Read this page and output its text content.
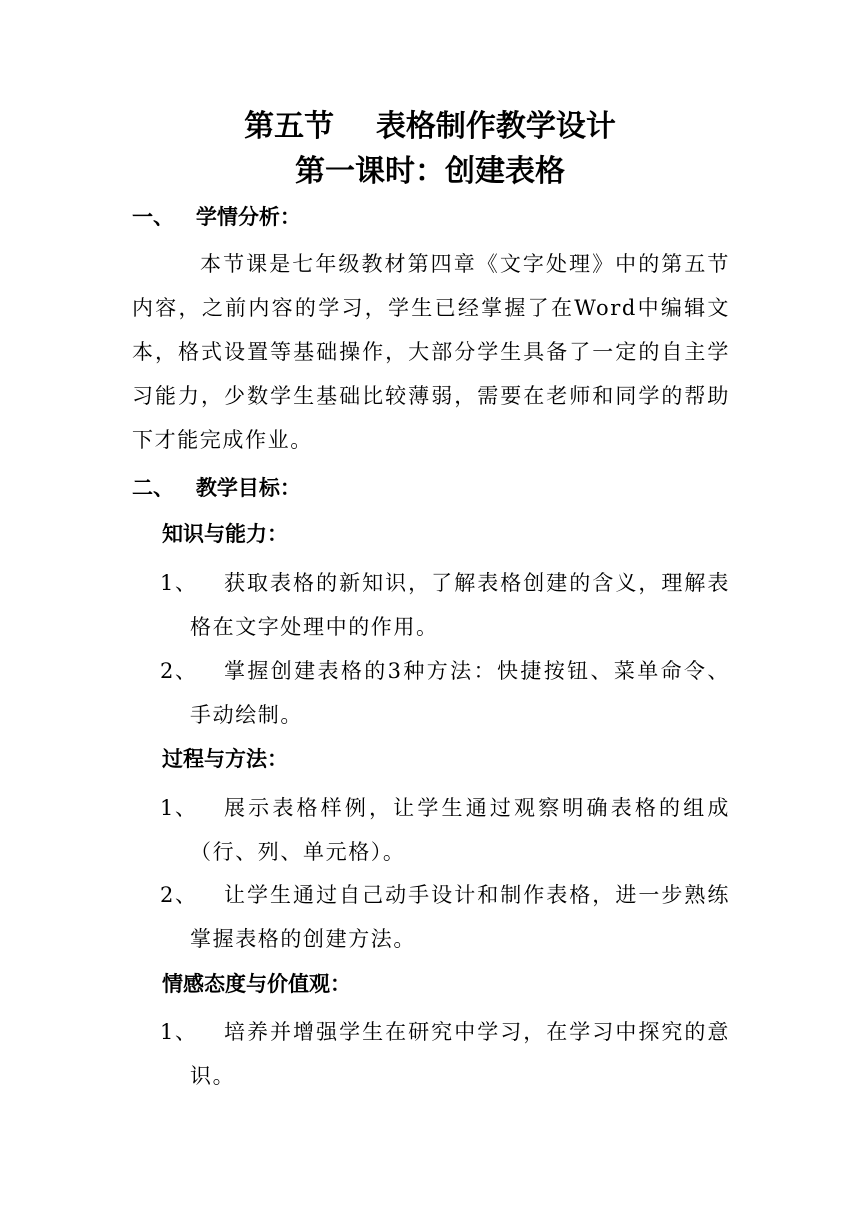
第五节    表格制作教学设计
第一课时：创建表格
一、   学情分析：
本节课是七年级教材第四章《文字处理》中的第五节内容，之前内容的学习，学生已经掌握了在Word中编辑文本，格式设置等基础操作，大部分学生具备了一定的自主学习能力，少数学生基础比较薄弱，需要在老师和同学的帮助下才能完成作业。
二、   教学目标：
知识与能力：
1、	获取表格的新知识，了解表格创建的含义，理解表格在文字处理中的作用。
2、	掌握创建表格的3种方法：快捷按钮、菜单命令、手动绘制。
过程与方法：
1、	展示表格样例，让学生通过观察明确表格的组成（行、列、单元格）。
2、	让学生通过自己动手设计和制作表格，进一步熟练掌握表格的创建方法。
情感态度与价值观：
1、	培养并增强学生在研究中学习，在学习中探究的意识。
